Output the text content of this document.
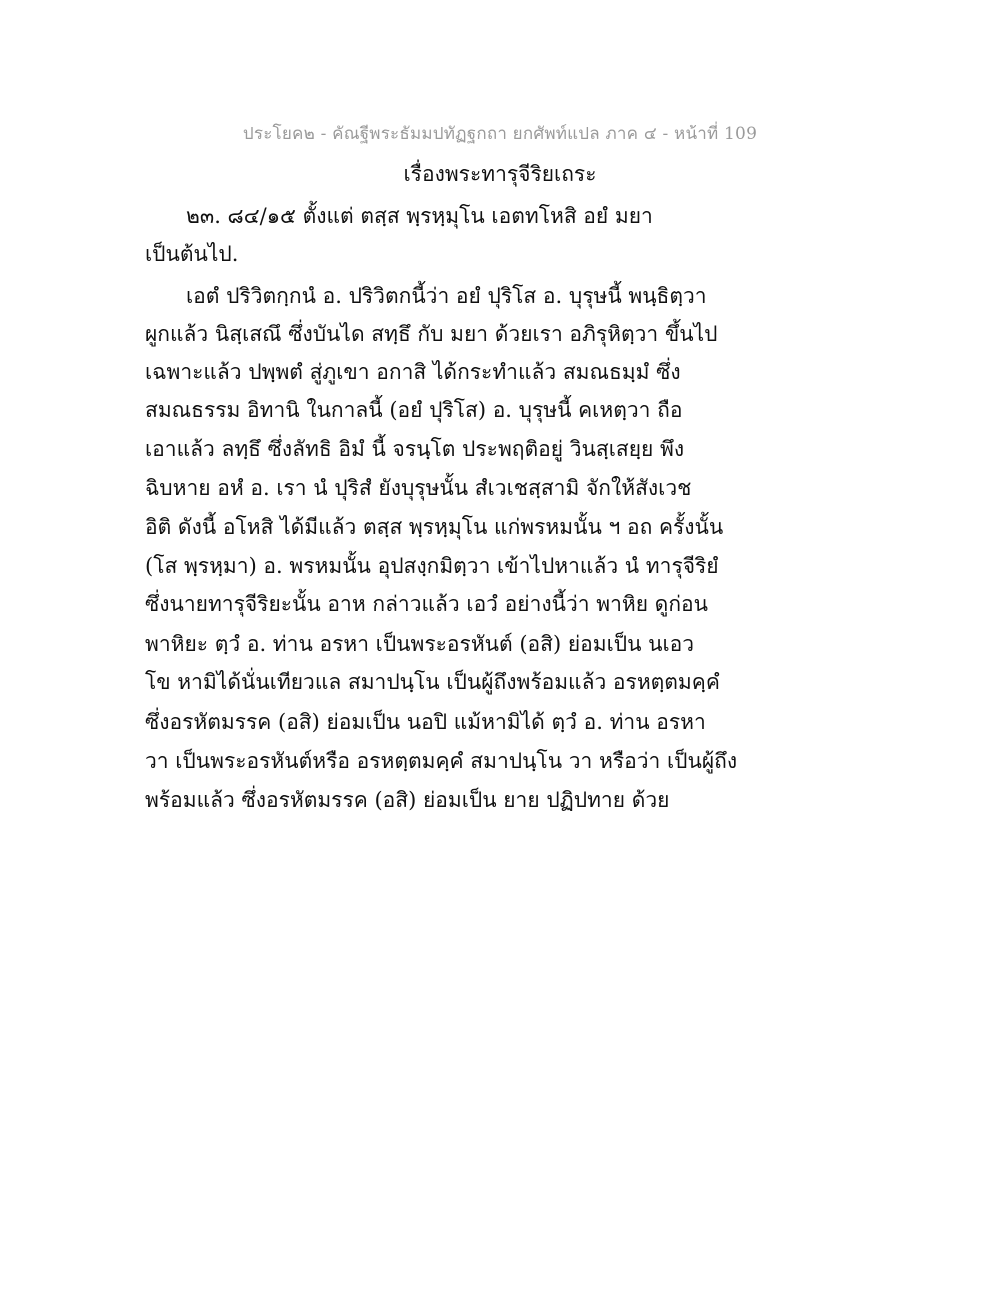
ประโยค๒ - คัณฐีพระธัมมปทัฏฐกถา ยกศัพท์แปล ภาค ๔ - หน้าที่ 109
เรื่องพระทารุจีริยเถระ
๒๓. ๘๔/๑๕ ตั้งแต่ ตสฺส พฺรหฺมุโน เอตทโหสิ อยํ มยา
เป็นต้นไป.
เอตํ ปริวิตกฺกนํ อ. ปริวิตกนี้ว่า อยํ ปุริโส อ. บุรุษนี้ พนฺธิตฺวา
ผูกแล้ว นิสฺเสณึ ซึ่งบันได สทฺธึ กับ มยา ด้วยเรา อภิรุหิตฺวา ขึ้นไป
เฉพาะแล้ว ปพฺพตํ สู่ภูเขา อกาสิ ได้กระทำแล้ว สมณธมฺมํ ซึ่ง
สมณธรรม อิทานิ ในกาลนี้ (อยํ ปุริโส) อ. บุรุษนี้ คเหตฺวา ถือ
เอาแล้ว ลทฺธึ ซึ่งลัทธิ อิมํ นี้ จรนฺโต ประพฤติอยู่ วินสฺเสยฺย พึง
ฉิบหาย อหํ อ. เรา นํ ปุริสํ ยังบุรุษนั้น สํเวเชสฺสามิ จักให้สังเวช
อิติ ดังนี้ อโหสิ ได้มีแล้ว ตสฺส พฺรหฺมุโน แก่พรหมนั้น ฯ อถ ครั้งนั้น
(โส พฺรหฺมา) อ. พรหมนั้น อุปสงฺกมิตฺวา เข้าไปหาแล้ว นํ ทารุจีริยํ
ซึ่งนายทารุจีริยะนั้น อาห กล่าวแล้ว เอวํ อย่างนี้ว่า พาหิย ดูก่อน
พาหิยะ ตฺวํ อ. ท่าน อรหา เป็นพระอรหันต์ (อสิ) ย่อมเป็น นเอว
โข หามิได้นั่นเทียวแล สมาปนฺโน เป็นผู้ถึงพร้อมแล้ว อรหตฺตมคฺคํ
ซึ่งอรหัตมรรค (อสิ) ย่อมเป็น นอปิ แม้หามิได้ ตฺวํ อ. ท่าน อรหา
วา เป็นพระอรหันต์หรือ อรหตฺตมคฺคํ สมาปนฺโน วา หรือว่า เป็นผู้ถึง
พร้อมแล้ว ซึ่งอรหัตมรรค (อสิ) ย่อมเป็น ยาย ปฏิปทาย ด้วย
